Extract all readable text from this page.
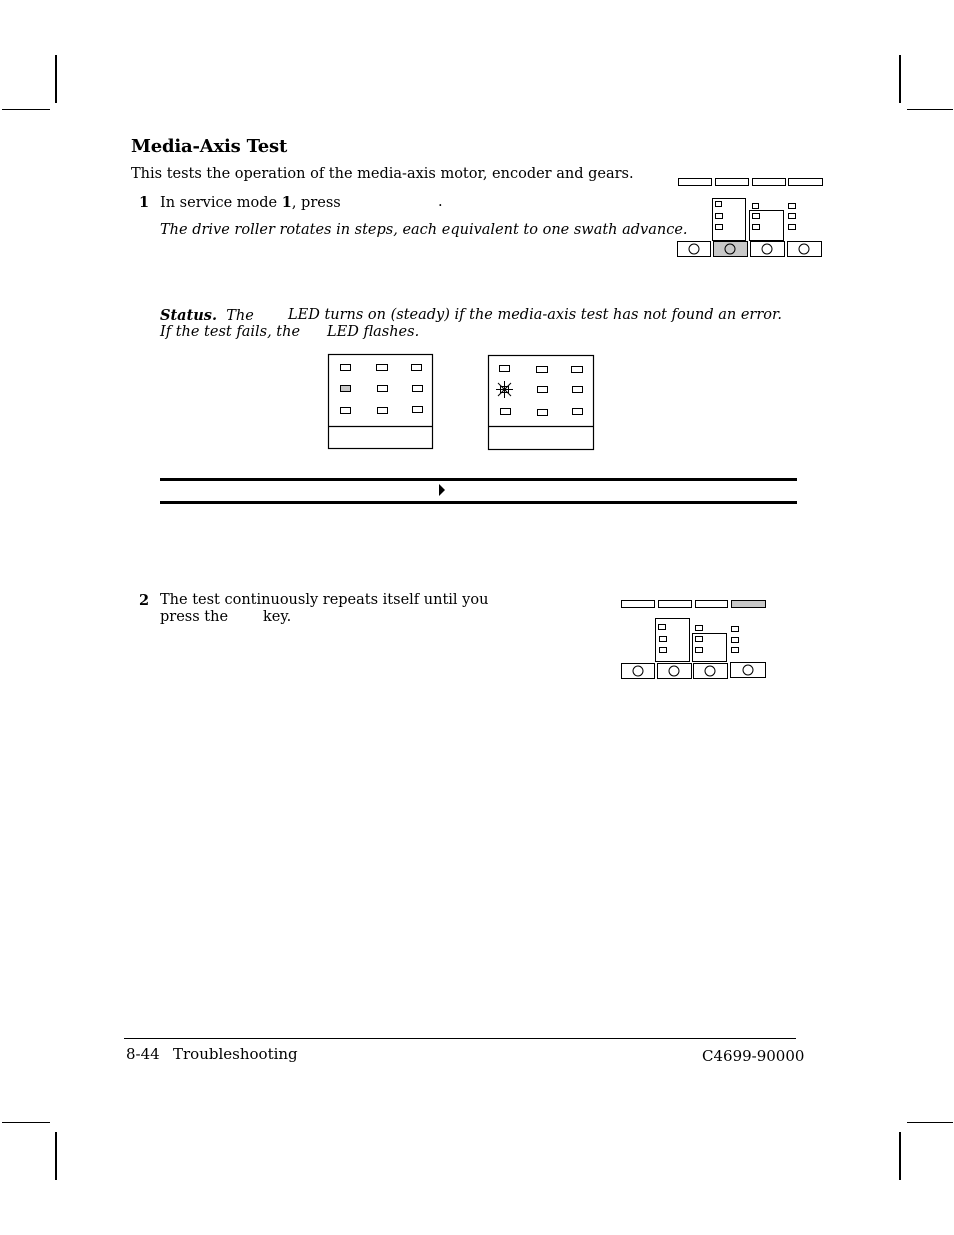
Media-Axis Test
This tests the operation of the media-axis motor, encoder and gears.
1 In service mode 1, press	.
The drive roller rotates in steps, each equivalent to one swath advance.
Status. The LED turns on (steady) if the media-axis test has not found an error.
If the test fails, the LED flashes.
2 The test continuously repeats itself until you
press the key.
8-44 Troubleshooting	C4699-90000
